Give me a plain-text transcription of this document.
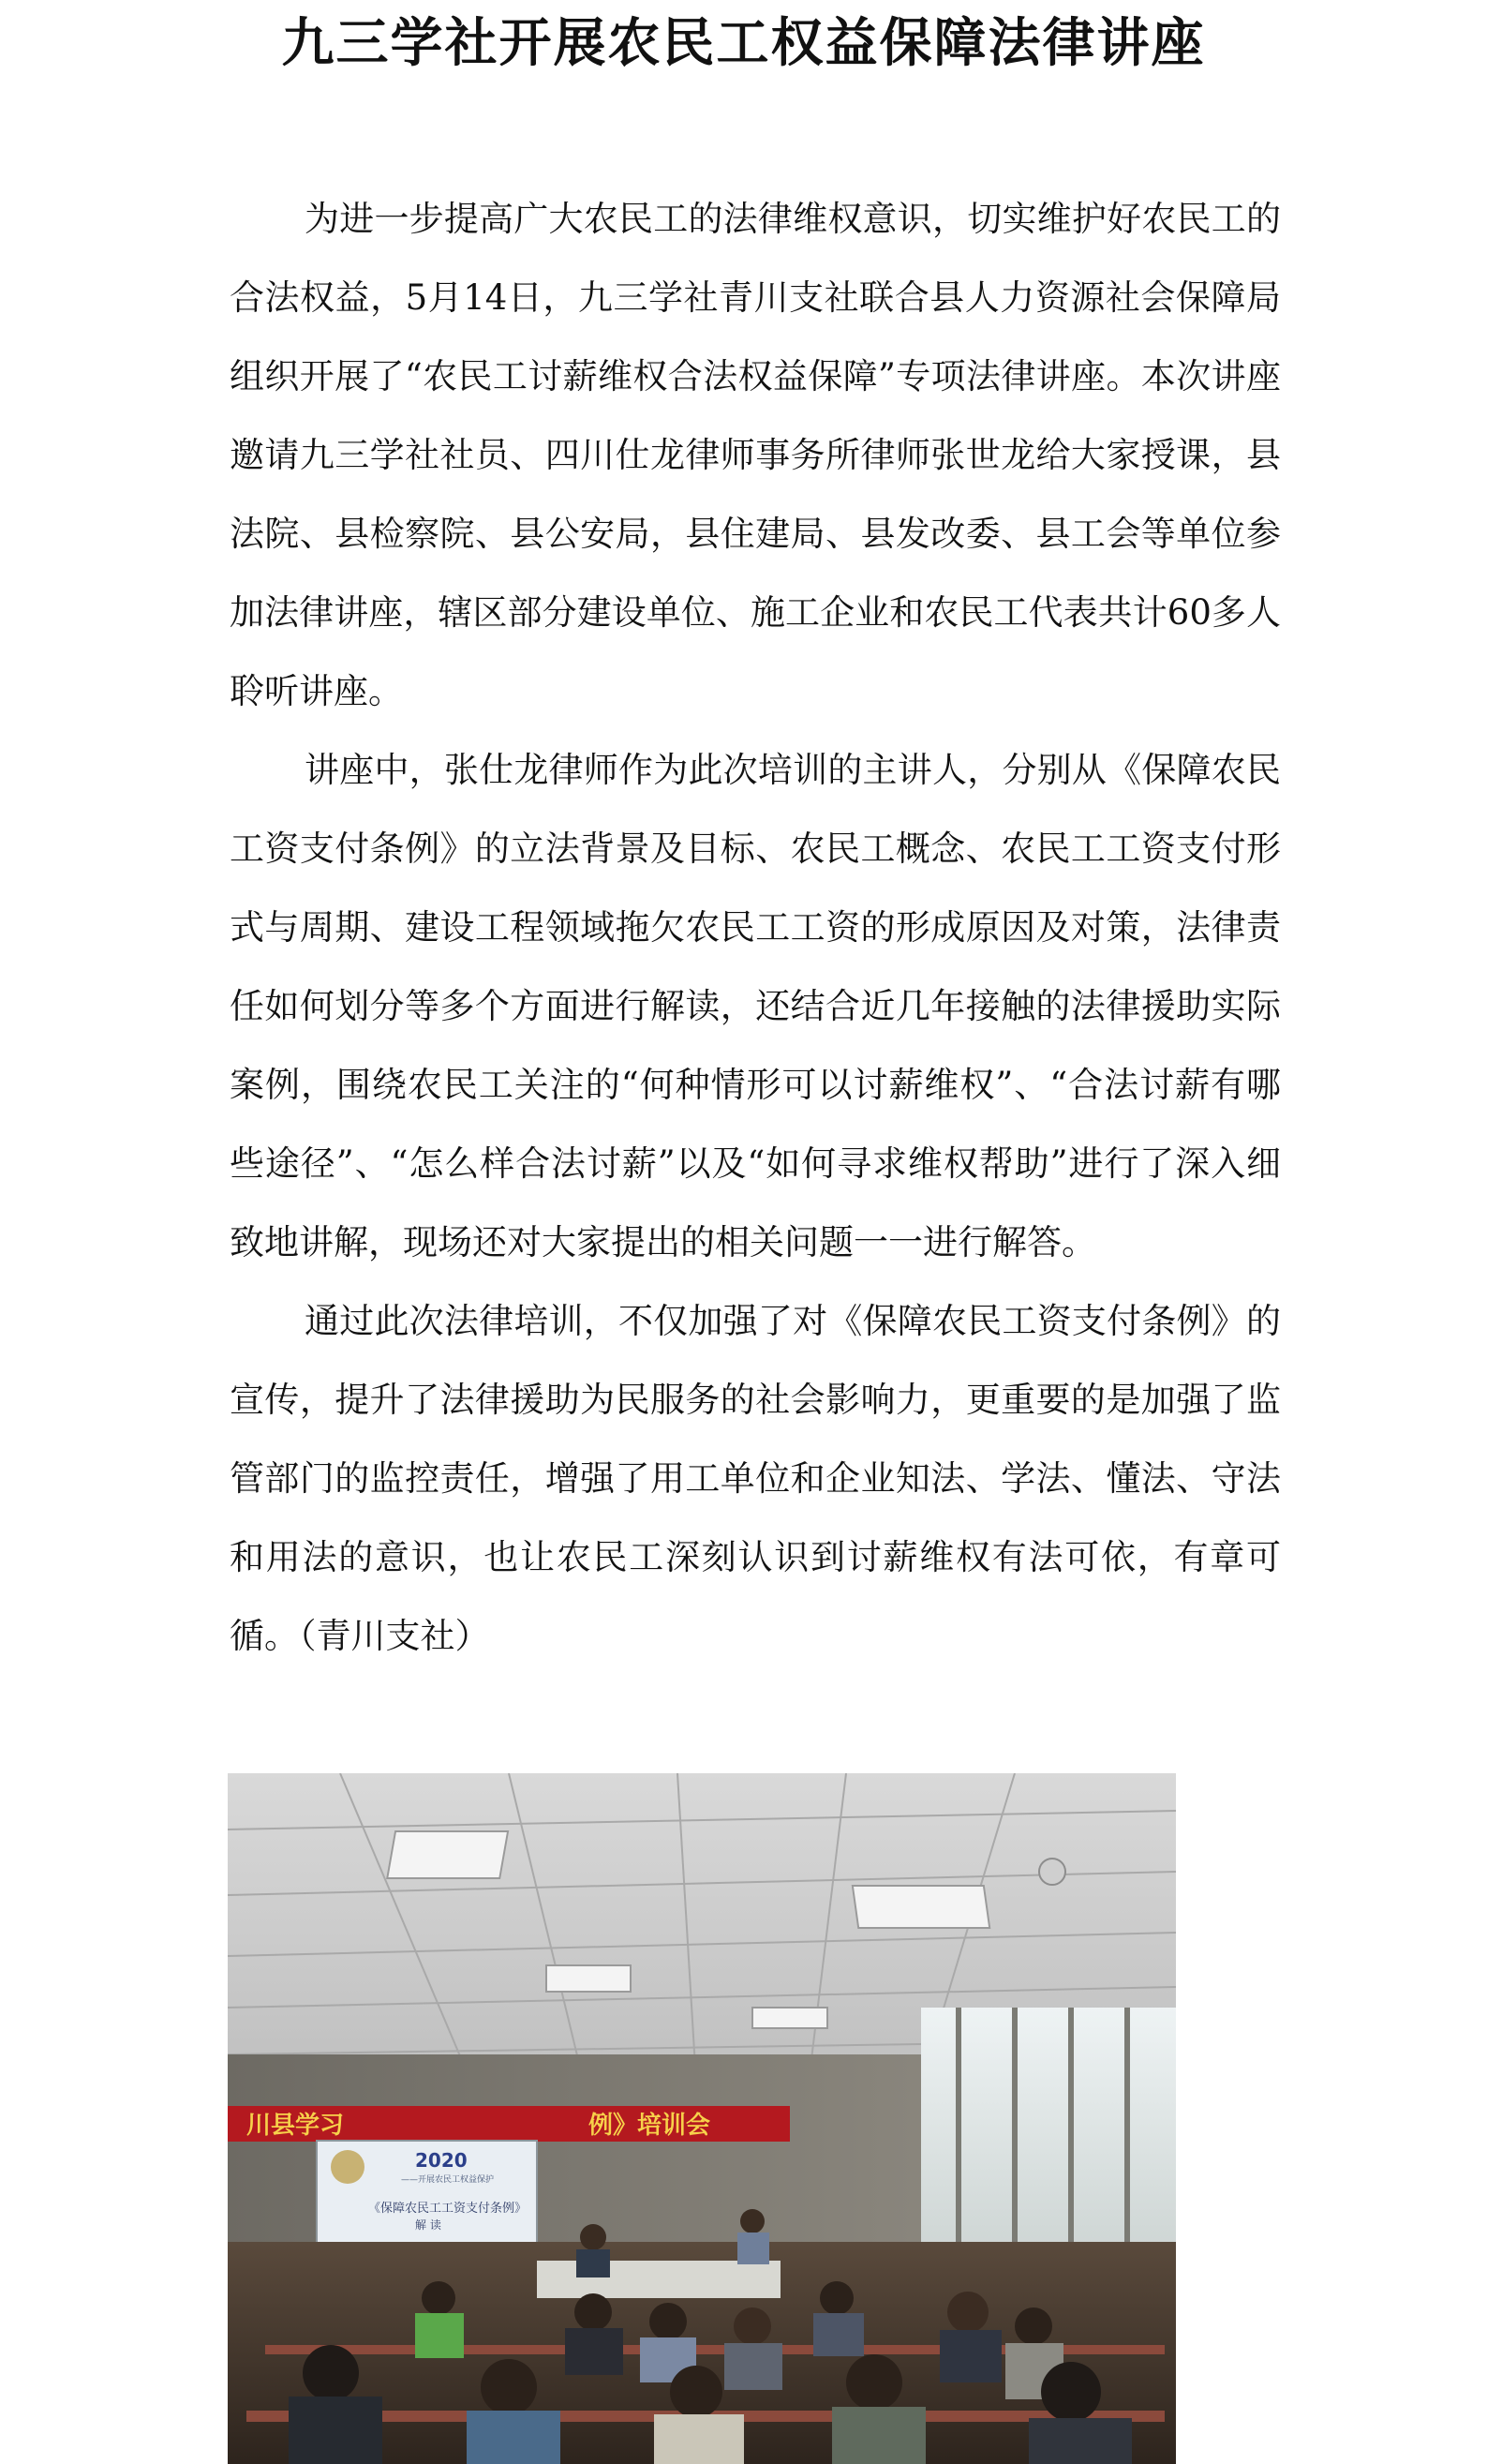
九三学社开展农民工权益保障法律讲座

为进一步提高广大农民工的法律维权意识，切实维护好农民工的合法权益，5月14日，九三学社青川支社联合县人力资源社会保障局组织开展了“农民工讨薪维权合法权益保障”专项法律讲座。本次讲座邀请九三学社社员、四川仕龙律师事务所律师张世龙给大家授课，县法院、县检察院、县公安局，县住建局、县发改委、县工会等单位参加法律讲座，辖区部分建设单位、施工企业和农民工代表共计60多人聆听讲座。

讲座中，张仕龙律师作为此次培训的主讲人，分别从《保障农民工资支付条例》的立法背景及目标、农民工概念、农民工工资支付形式与周期、建设工程领域拖欠农民工工资的形成原因及对策，法律责任如何划分等多个方面进行解读，还结合近几年接触的法律援助实际案例，围绕农民工关注的“何种情形可以讨薪维权”、“合法讨薪有哪些途径”、“怎么样合法讨薪”以及“如何寻求维权帮助”进行了深入细致地讲解，现场还对大家提出的相关问题一一进行解答。

通过此次法律培训，不仅加强了对《保障农民工资支付条例》的宣传，提升了法律援助为民服务的社会影响力，更重要的是加强了监管部门的监控责任，增强了用工单位和企业知法、学法、懂法、守法和用法的意识，也让农民工深刻认识到讨薪维权有法可依，有章可循。（青川支社）

川县学习	例》培训会
2020
——开展农民工权益保护
《保障农民工工资支付条例》
解 读
